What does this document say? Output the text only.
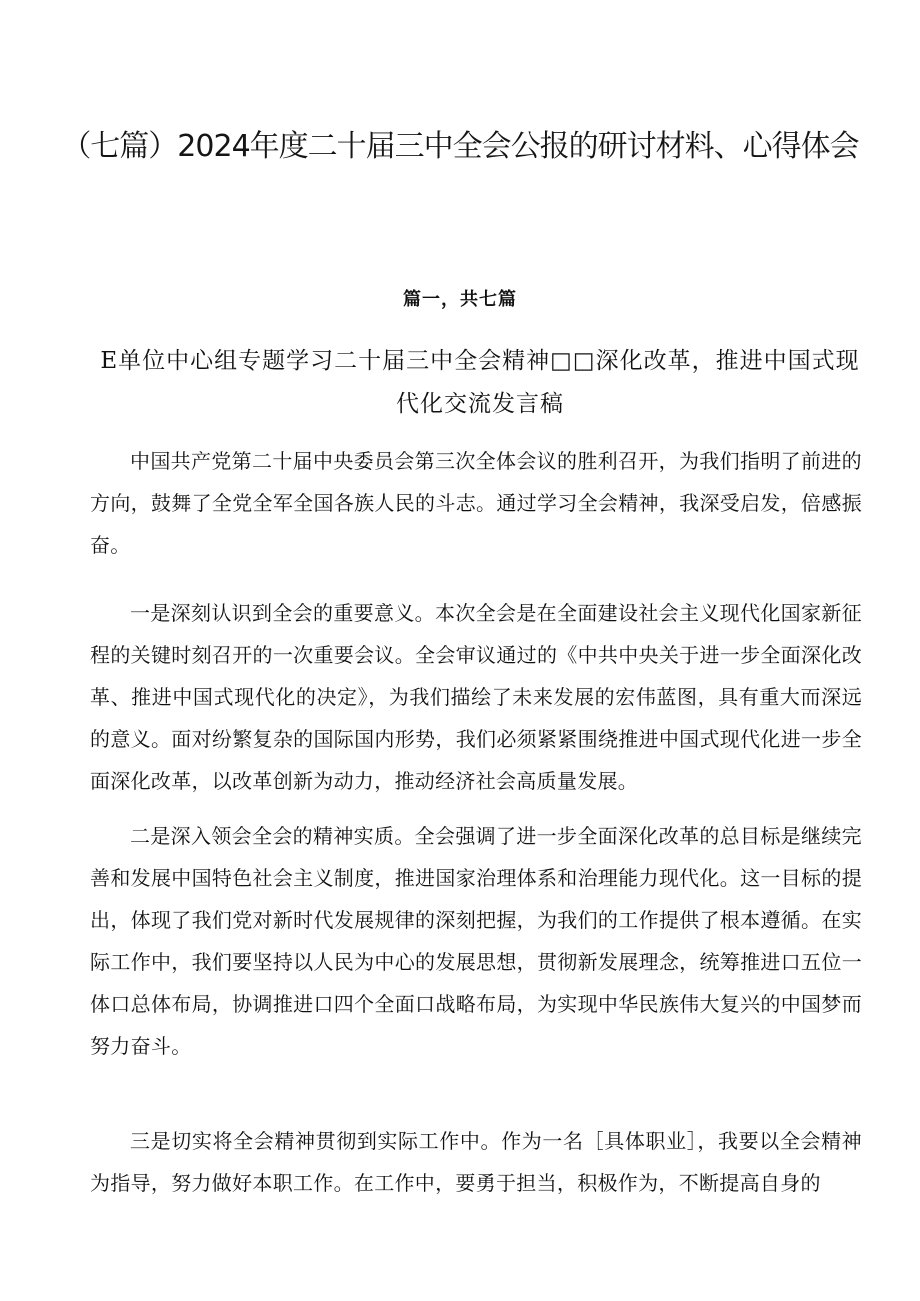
（七篇）2024年度二十届三中全会公报的研讨材料、心得体会
篇一，共七篇
E单位中心组专题学习二十届三中全会精神□□深化改革，推进中国式现代化交流发言稿

中国共产党第二十届中央委员会第三次全体会议的胜利召开，为我们指明了前进的方向，鼓舞了全党全军全国各族人民的斗志。通过学习全会精神，我深受启发，倍感振奋。

一是深刻认识到全会的重要意义。本次全会是在全面建设社会主义现代化国家新征程的关键时刻召开的一次重要会议。全会审议通过的《中共中央关于进一步全面深化改革、推进中国式现代化的决定》，为我们描绘了未来发展的宏伟蓝图，具有重大而深远的意义。面对纷繁复杂的国际国内形势，我们必须紧紧围绕推进中国式现代化进一步全面深化改革，以改革创新为动力，推动经济社会高质量发展。

二是深入领会全会的精神实质。全会强调了进一步全面深化改革的总目标是继续完善和发展中国特色社会主义制度，推进国家治理体系和治理能力现代化。这一目标的提出，体现了我们党对新时代发展规律的深刻把握，为我们的工作提供了根本遵循。在实际工作中，我们要坚持以人民为中心的发展思想，贯彻新发展理念，统筹推进口五位一体口总体布局，协调推进口四个全面口战略布局，为实现中华民族伟大复兴的中国梦而努力奋斗。

三是切实将全会精神贯彻到实际工作中。作为一名［具体职业］，我要以全会精神为指导，努力做好本职工作。在工作中，要勇于担当，积极作为，不断提高自身的
